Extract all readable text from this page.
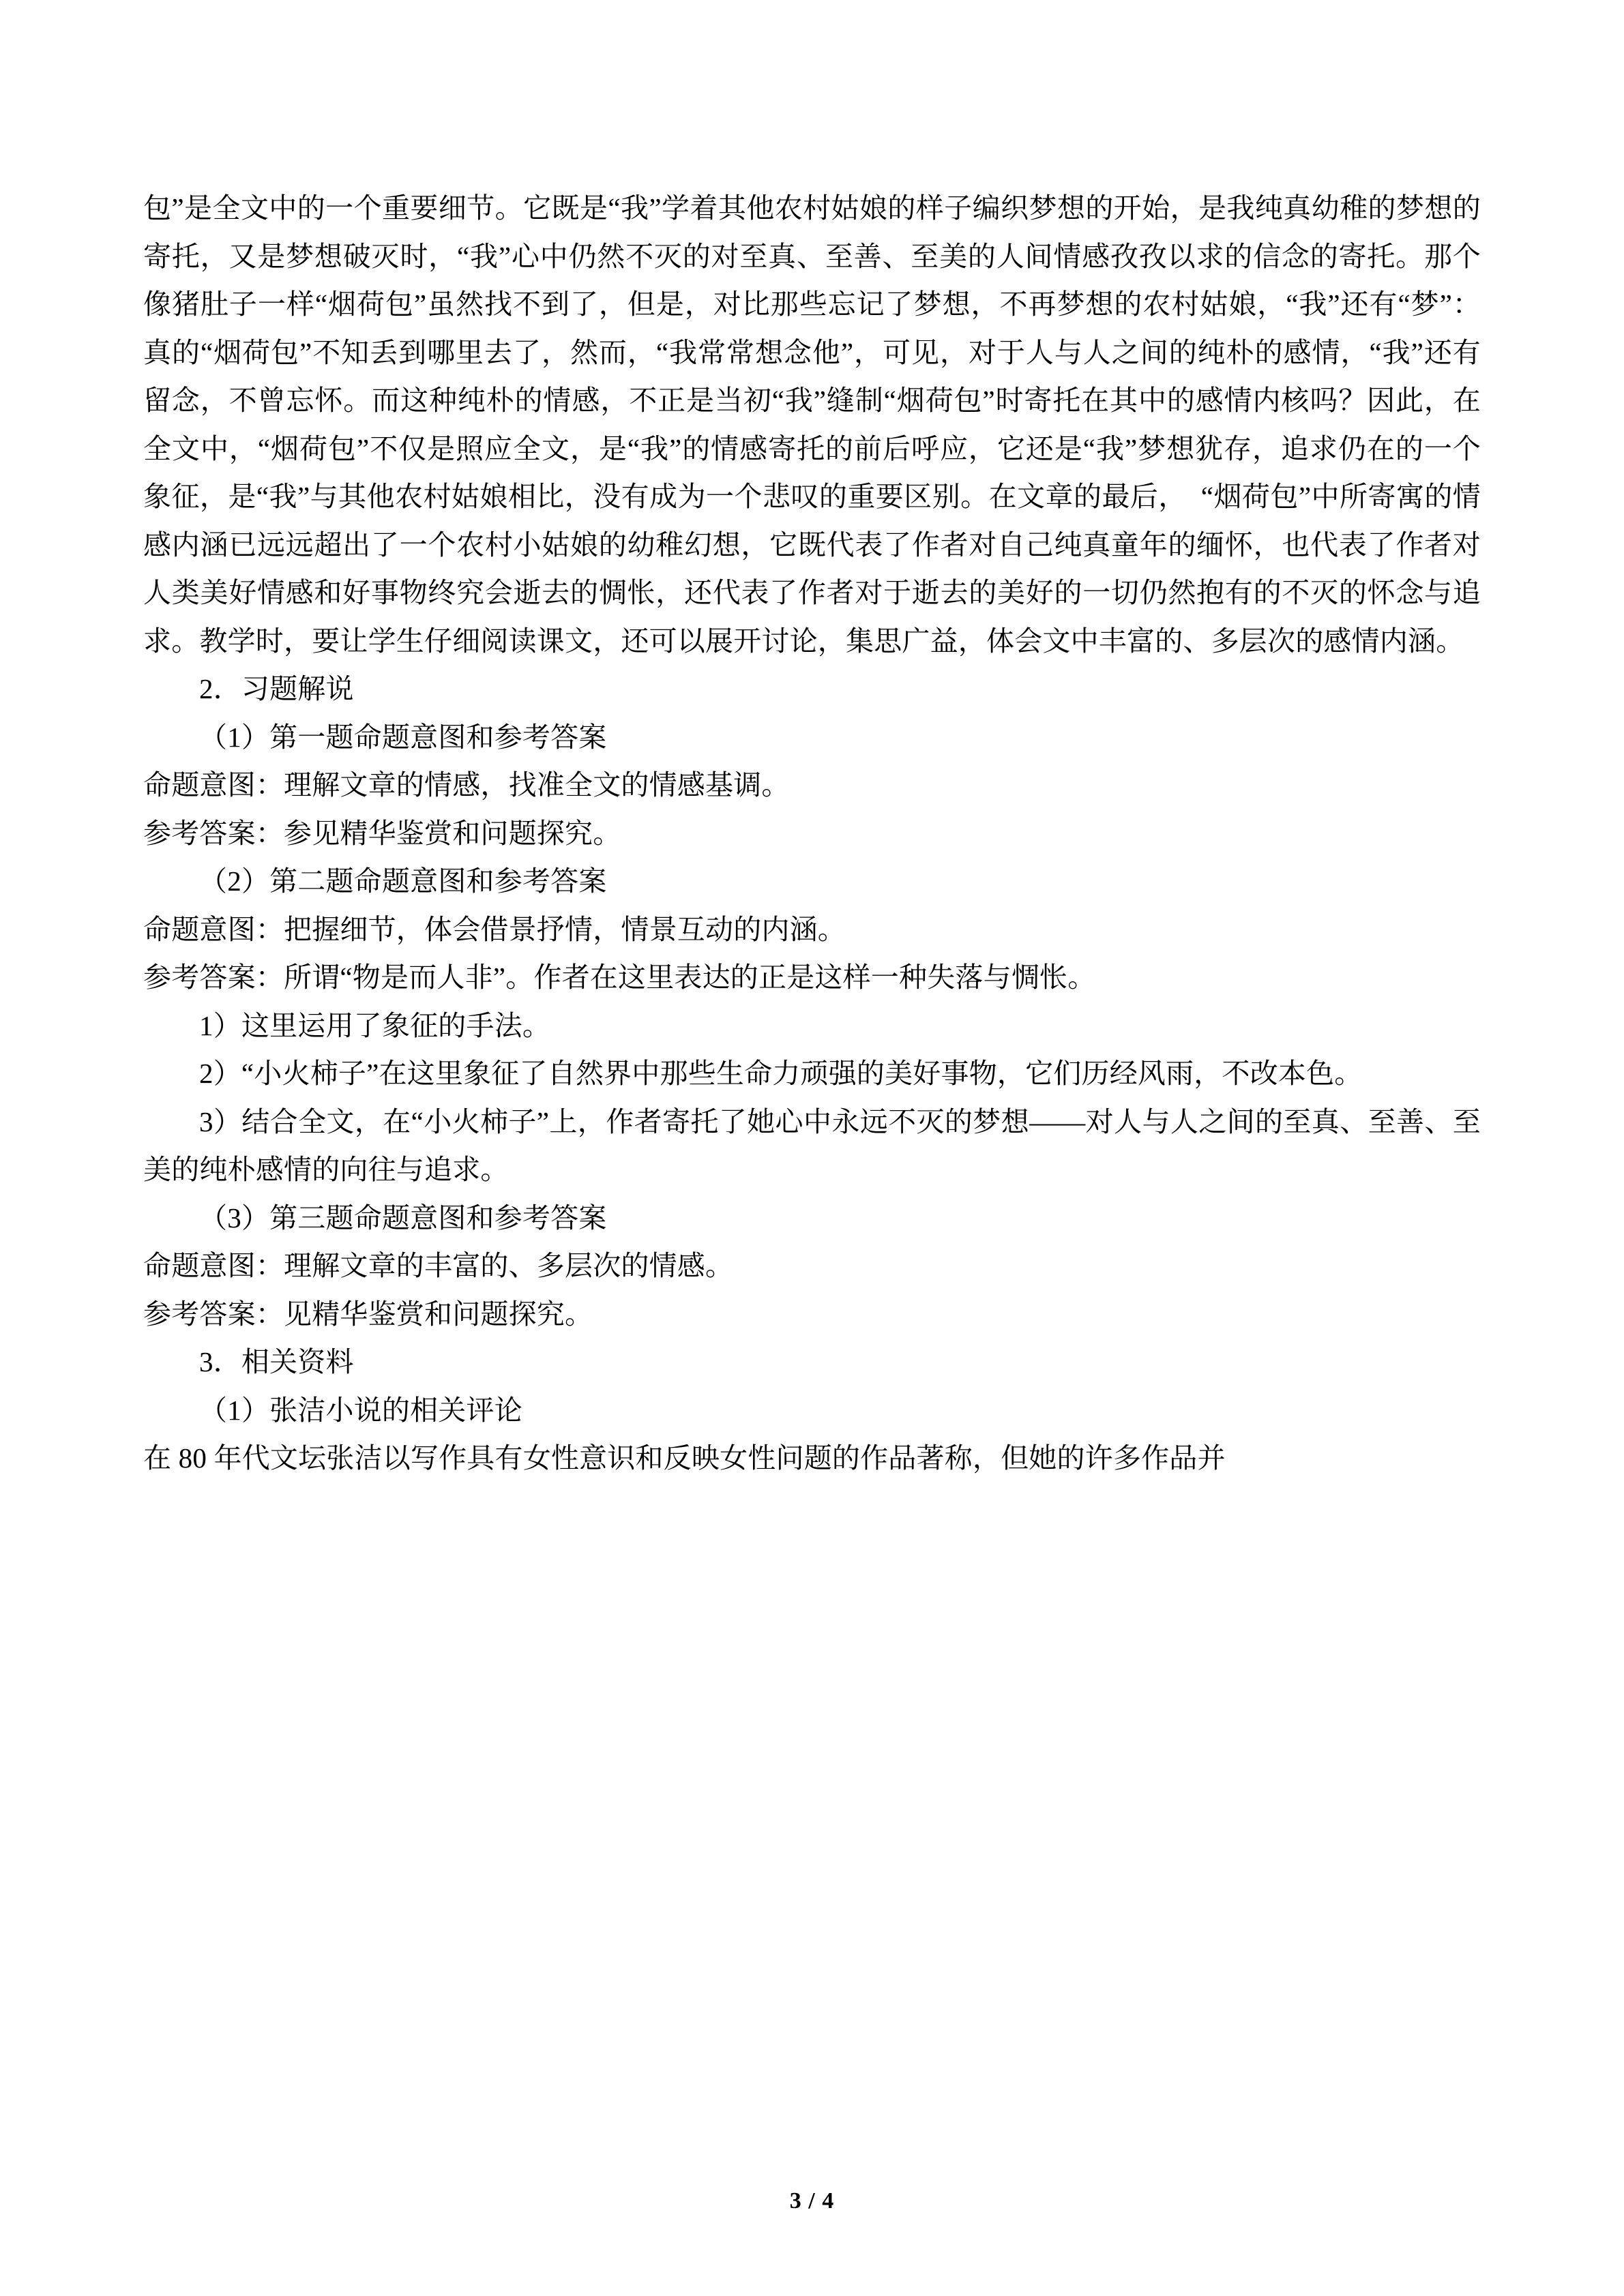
包”是全文中的一个重要细节。它既是“我”学着其他农村姑娘的样子编织梦想的开始，是我纯真幼稚的梦想的寄托，又是梦想破灭时，“我”心中仍然不灭的对至真、至善、至美的人间情感孜孜以求的信念的寄托。那个像猪肚子一样“烟荷包”虽然找不到了，但是，对比那些忘记了梦想，不再梦想的农村姑娘，“我”还有“梦”：真的“烟荷包”不知丢到哪里去了，然而，“我常常想念他”，可见，对于人与人之间的纯朴的感情，“我”还有留念，不曾忘怀。而这种纯朴的情感，不正是当初“我”缝制“烟荷包”时寄托在其中的感情内核吗？因此，在全文中，“烟荷包”不仅是照应全文，是“我”的情感寄托的前后呼应，它还是“我”梦想犹存，追求仍在的一个象征，是“我”与其他农村姑娘相比，没有成为一个悲叹的重要区别。在文章的最后，　“烟荷包”中所寄寓的情感内涵已远远超出了一个农村小姑娘的幼稚幻想，它既代表了作者对自己纯真童年的缅怀，也代表了作者对人类美好情感和好事物终究会逝去的惆怅，还代表了作者对于逝去的美好的一切仍然抱有的不灭的怀念与追求。教学时，要让学生仔细阅读课文，还可以展开讨论，集思广益，体会文中丰富的、多层次的感情内涵。

2．习题解说

（1）第一题命题意图和参考答案

命题意图：理解文章的情感，找准全文的情感基调。

参考答案：参见精华鉴赏和问题探究。

（2）第二题命题意图和参考答案

命题意图：把握细节，体会借景抒情，情景互动的内涵。

参考答案：所谓“物是而人非”。作者在这里表达的正是这样一种失落与惆怅。

1）这里运用了象征的手法。

2）“小火柿子”在这里象征了自然界中那些生命力顽强的美好事物，它们历经风雨，不改本色。

3）结合全文，在“小火柿子”上，作者寄托了她心中永远不灭的梦想——对人与人之间的至真、至善、至美的纯朴感情的向往与追求。

（3）第三题命题意图和参考答案

命题意图：理解文章的丰富的、多层次的情感。

参考答案：见精华鉴赏和问题探究。

3．相关资料

（1）张洁小说的相关评论

在 80 年代文坛张洁以写作具有女性意识和反映女性问题的作品著称，但她的许多作品并

3 / 4
